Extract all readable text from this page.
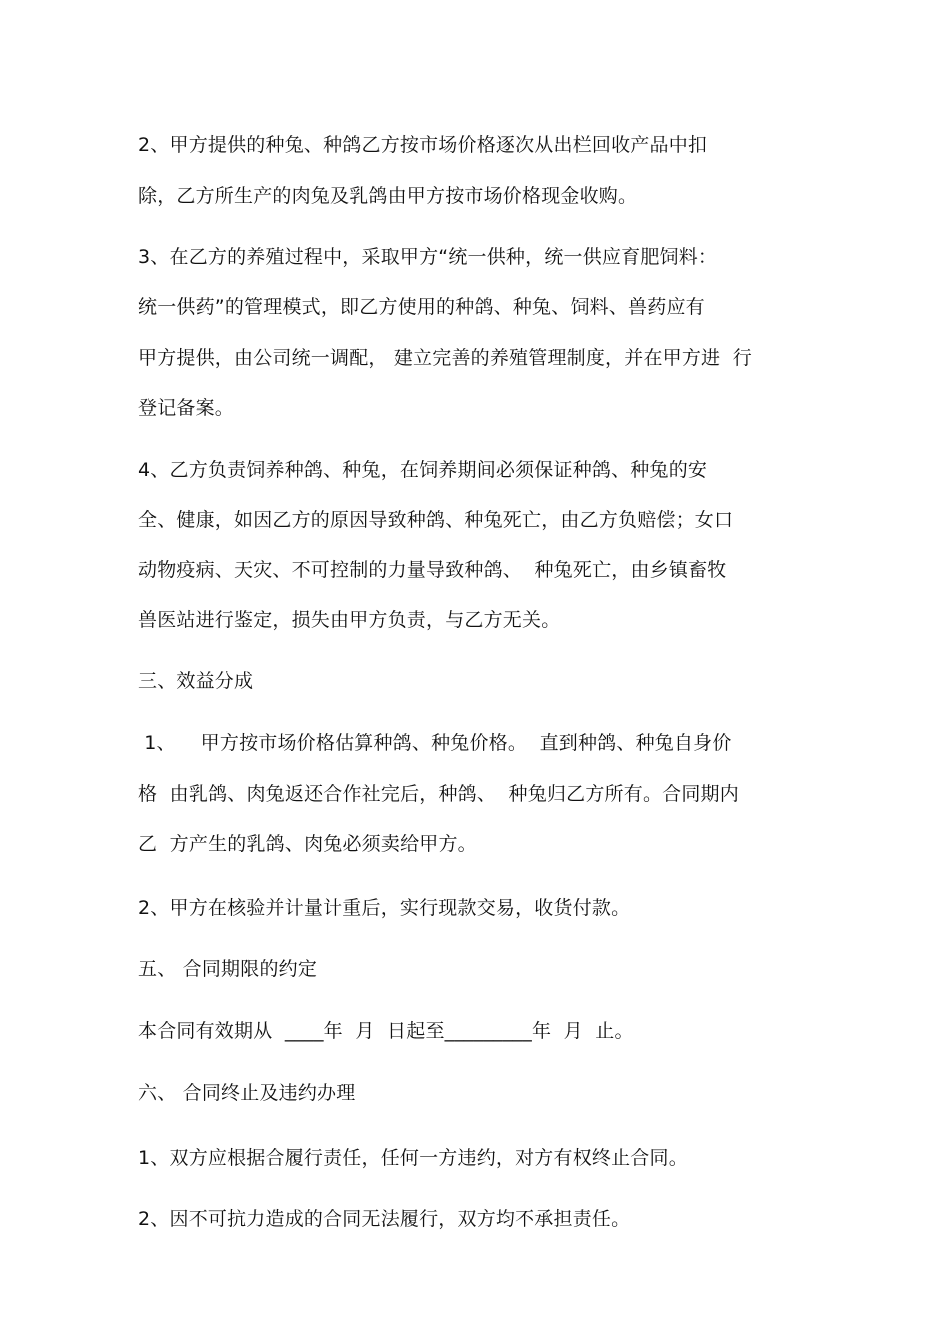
2、甲方提供的种兔、种鸽乙方按市场价格逐次从出栏回收产品中扣
除，乙方所生产的肉兔及乳鸽由甲方按市场价格现金收购。
3、在乙方的养殖过程中，采取甲方“统一供种，统一供应育肥饲料：
统一供药”的管理模式，即乙方使用的种鸽、种兔、饲料、兽药应有
甲方提供，由公司统一调配， 建立完善的养殖管理制度，并在甲方进  行
登记备案。
4、乙方负责饲养种鸽、种兔，在饲养期间必须保证种鸽、种兔的安
全、健康，如因乙方的原因导致种鸽、种兔死亡，由乙方负赔偿；女口
动物疫病、天灾、不可控制的力量导致种鸽、  种兔死亡，由乡镇畜牧
兽医站进行鉴定，损失由甲方负责，与乙方无关。
三、效益分成
1、    甲方按市场价格估算种鸽、种兔价格。  直到种鸽、种兔自身价
格  由乳鸽、肉兔返还合作社完后，种鸽、  种兔归乙方所有。合同期内
乙  方产生的乳鸽、肉兔必须卖给甲方。
2、甲方在核验并计量计重后，实行现款交易，收货付款。
五、 合同期限的约定
本合同有效期从  ____年  月  日起至_________年  月  止。
六、 合同终止及违约办理
1、双方应根据合履行责任，任何一方违约，对方有权终止合同。
2、因不可抗力造成的合同无法履行，双方均不承担责任。
